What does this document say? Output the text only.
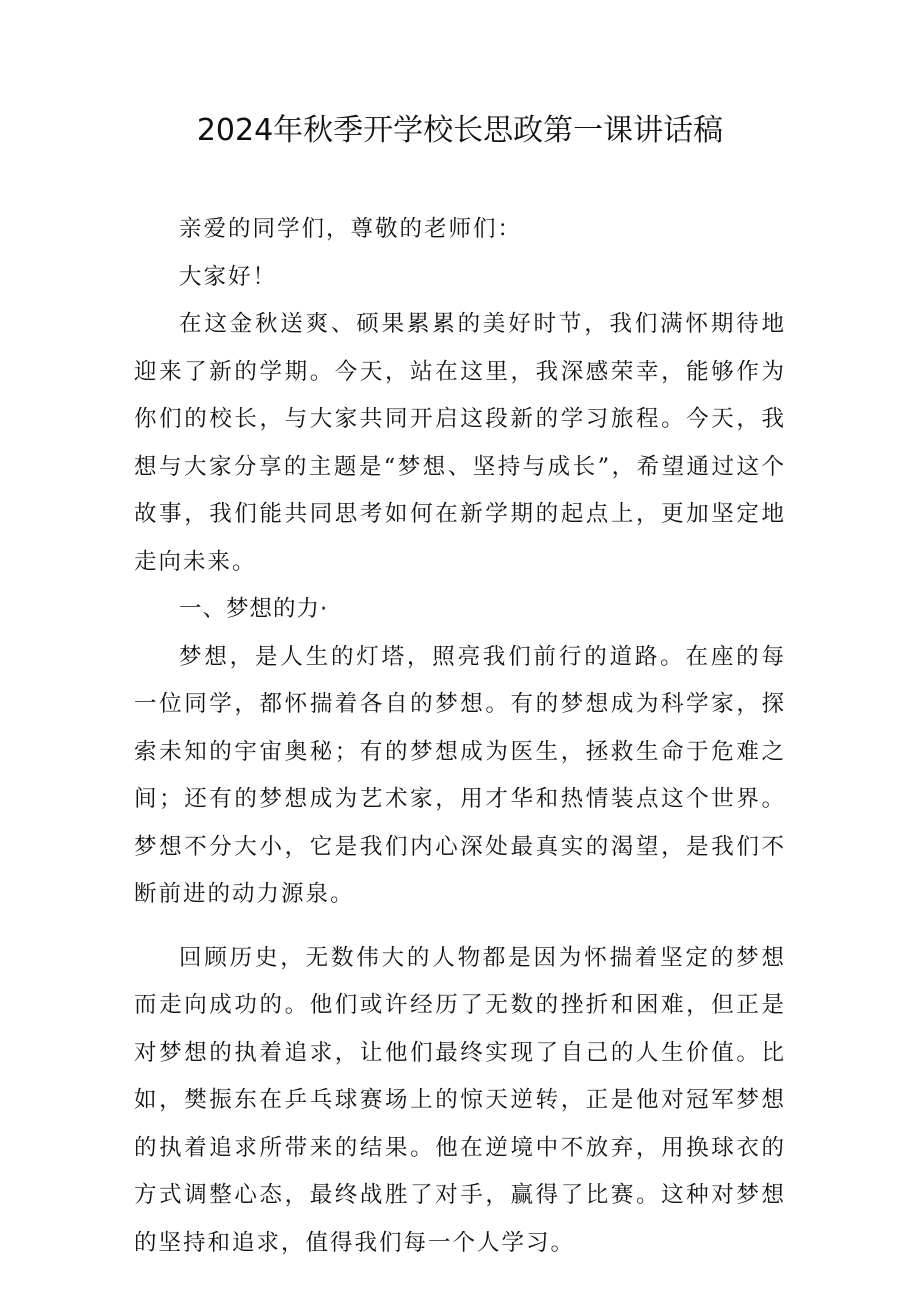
2024年秋季开学校长思政第一课讲话稿

亲爱的同学们，尊敬的老师们：

大家好！

在这金秋送爽、硕果累累的美好时节，我们满怀期待地迎来了新的学期。今天，站在这里，我深感荣幸，能够作为你们的校长，与大家共同开启这段新的学习旅程。今天，我想与大家分享的主题是“梦想、坚持与成长”，希望通过这个故事，我们能共同思考如何在新学期的起点上，更加坚定地走向未来。

一、梦想的力·

梦想，是人生的灯塔，照亮我们前行的道路。在座的每一位同学，都怀揣着各自的梦想。有的梦想成为科学家，探索未知的宇宙奥秘；有的梦想成为医生，拯救生命于危难之间；还有的梦想成为艺术家，用才华和热情装点这个世界。梦想不分大小，它是我们内心深处最真实的渴望，是我们不断前进的动力源泉。

回顾历史，无数伟大的人物都是因为怀揣着坚定的梦想而走向成功的。他们或许经历了无数的挫折和困难，但正是对梦想的执着追求，让他们最终实现了自己的人生价值。比如，樊振东在乒乓球赛场上的惊天逆转，正是他对冠军梦想的执着追求所带来的结果。他在逆境中不放弃，用换球衣的方式调整心态，最终战胜了对手，赢得了比赛。这种对梦想的坚持和追求，值得我们每一个人学习。
